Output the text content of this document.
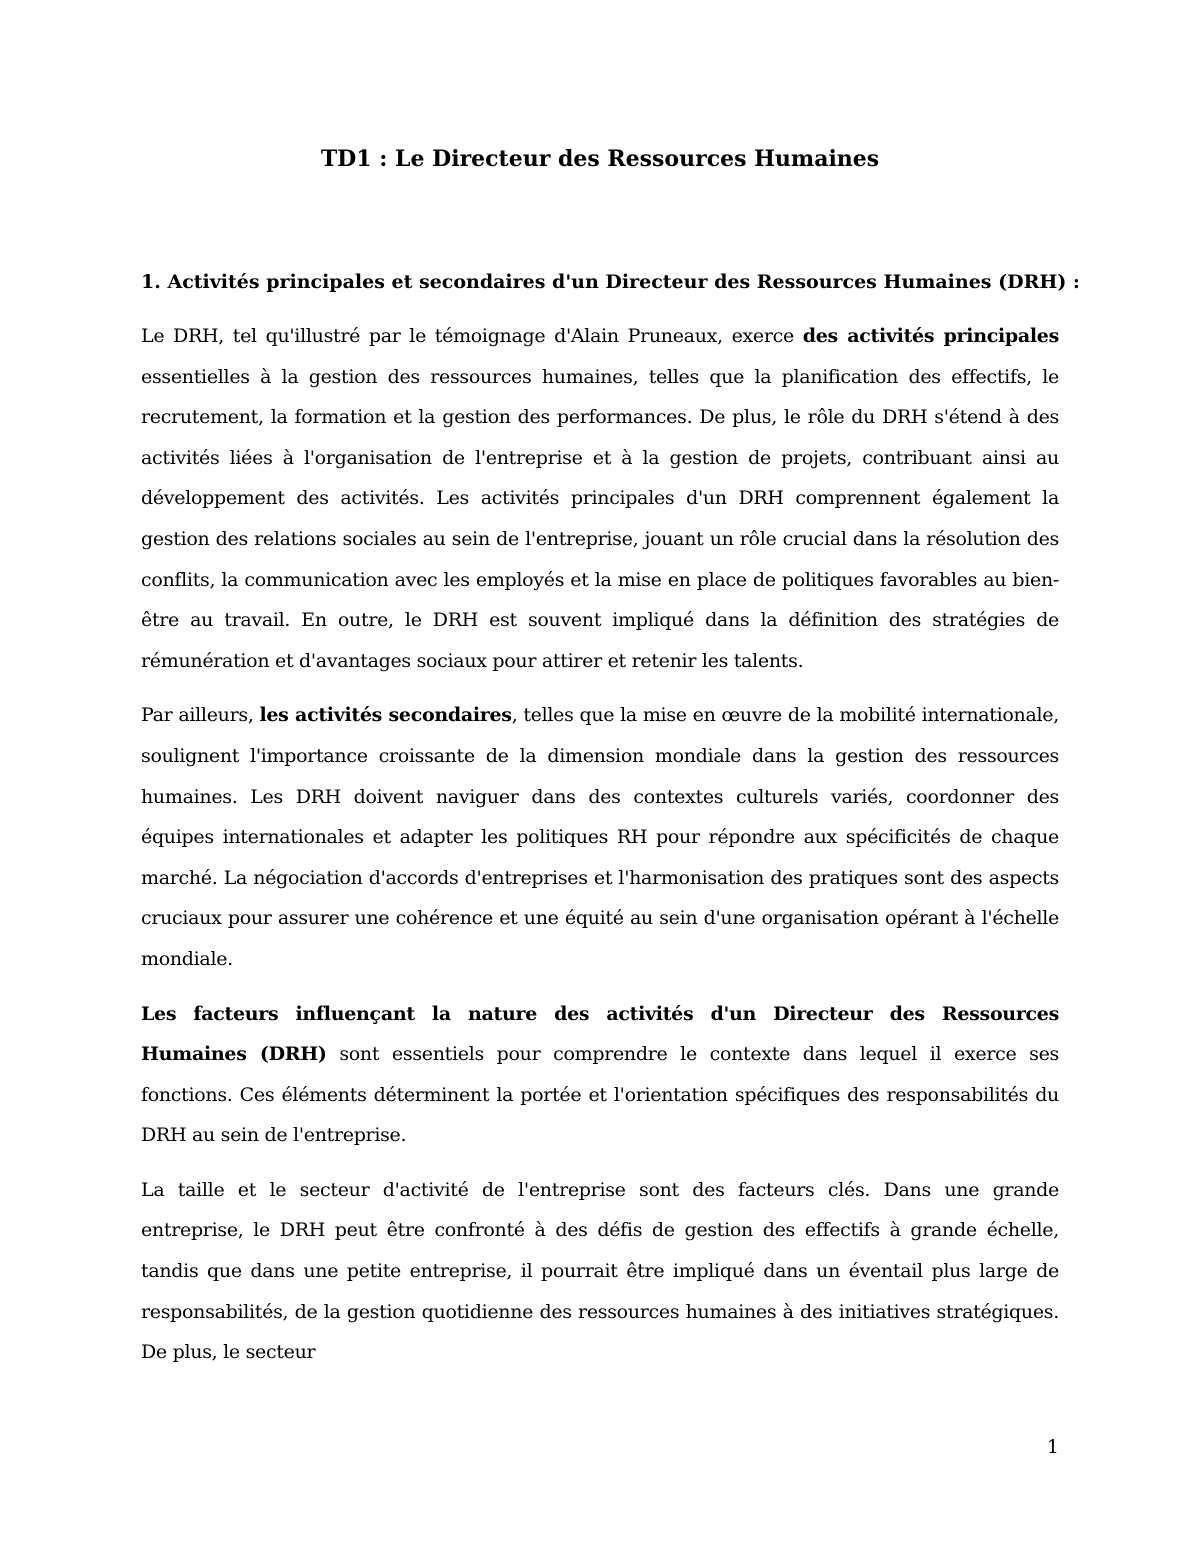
TD1 : Le Directeur des Ressources Humaines

1. Activités principales et secondaires d'un Directeur des Ressources Humaines (DRH) :

Le DRH, tel qu'illustré par le témoignage d'Alain Pruneaux, exerce des activités principales essentielles à la gestion des ressources humaines, telles que la planification des effectifs, le recrutement, la formation et la gestion des performances. De plus, le rôle du DRH s'étend à des activités liées à l'organisation de l'entreprise et à la gestion de projets, contribuant ainsi au développement des activités. Les activités principales d'un DRH comprennent également la gestion des relations sociales au sein de l'entreprise, jouant un rôle crucial dans la résolution des conflits, la communication avec les employés et la mise en place de politiques favorables au bien-être au travail. En outre, le DRH est souvent impliqué dans la définition des stratégies de rémunération et d'avantages sociaux pour attirer et retenir les talents.

Par ailleurs, les activités secondaires, telles que la mise en œuvre de la mobilité internationale, soulignent l'importance croissante de la dimension mondiale dans la gestion des ressources humaines. Les DRH doivent naviguer dans des contextes culturels variés, coordonner des équipes internationales et adapter les politiques RH pour répondre aux spécificités de chaque marché. La négociation d'accords d'entreprises et l'harmonisation des pratiques sont des aspects cruciaux pour assurer une cohérence et une équité au sein d'une organisation opérant à l'échelle mondiale.

Les facteurs influençant la nature des activités d'un Directeur des Ressources Humaines (DRH) sont essentiels pour comprendre le contexte dans lequel il exerce ses fonctions. Ces éléments déterminent la portée et l'orientation spécifiques des responsabilités du DRH au sein de l'entreprise.

La taille et le secteur d'activité de l'entreprise sont des facteurs clés. Dans une grande entreprise, le DRH peut être confronté à des défis de gestion des effectifs à grande échelle, tandis que dans une petite entreprise, il pourrait être impliqué dans un éventail plus large de responsabilités, de la gestion quotidienne des ressources humaines à des initiatives stratégiques. De plus, le secteur

1
